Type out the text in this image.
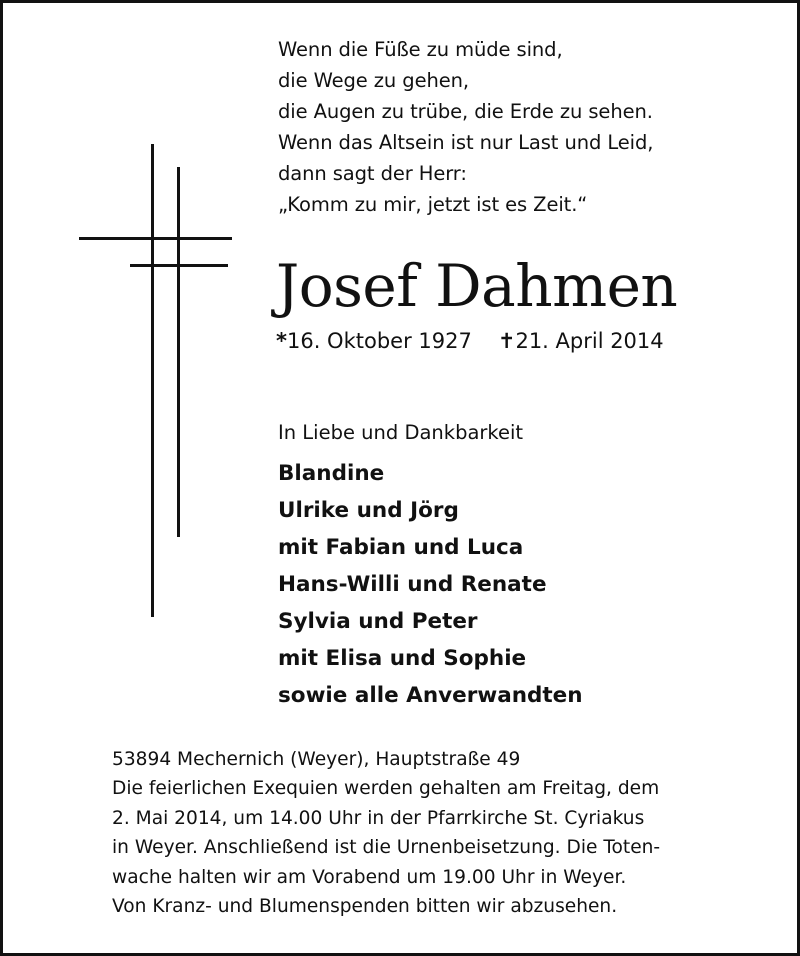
Wenn die Füße zu müde sind,
die Wege zu gehen,
die Augen zu trübe, die Erde zu sehen.
Wenn das Altsein ist nur Last und Leid,
dann sagt der Herr:
„Komm zu mir, jetzt ist es Zeit.“
Josef Dahmen
*16. Oktober 1927 ✝21. April 2014
In Liebe und Dankbarkeit
Blandine
Ulrike und Jörg
mit Fabian und Luca
Hans-Willi und Renate
Sylvia und Peter
mit Elisa und Sophie
sowie alle Anverwandten
53894 Mechernich (Weyer), Hauptstraße 49
Die feierlichen Exequien werden gehalten am Freitag, dem
2. Mai 2014, um 14.00 Uhr in der Pfarrkirche St. Cyriakus
in Weyer. Anschließend ist die Urnenbeisetzung. Die Toten-
wache halten wir am Vorabend um 19.00 Uhr in Weyer.
Von Kranz- und Blumenspenden bitten wir abzusehen.
